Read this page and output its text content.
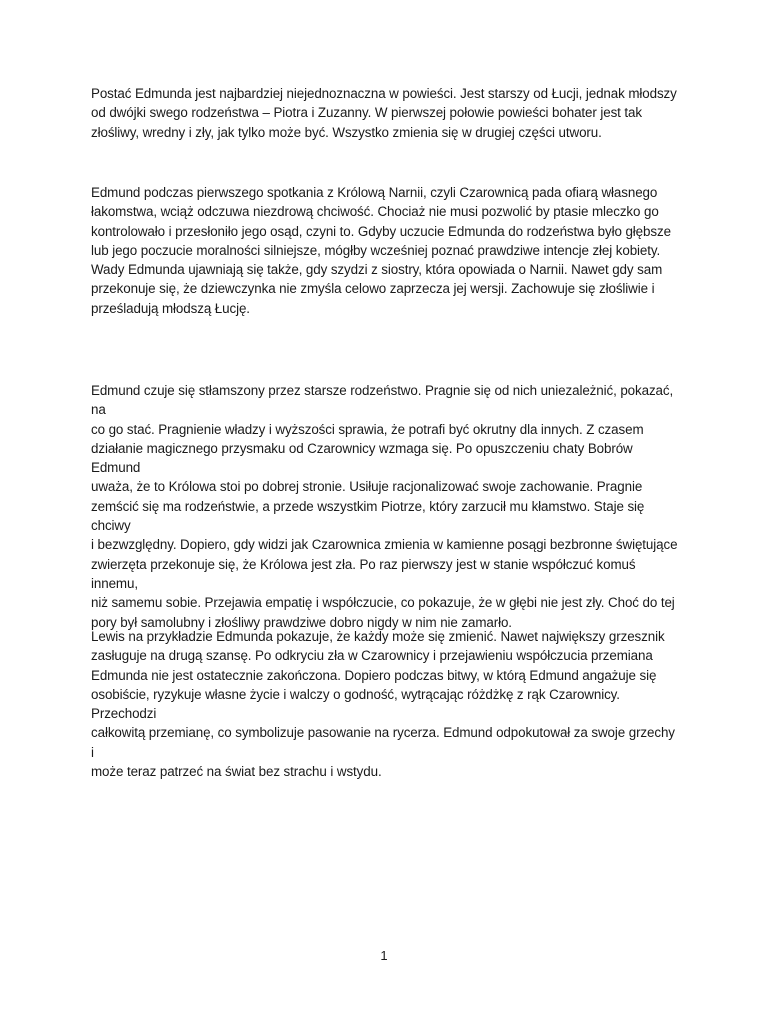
Postać Edmunda jest najbardziej niejednoznaczna w powieści. Jest starszy od Łucji, jednak młodszy
od dwójki swego rodzeństwa – Piotra i Zuzanny. W pierwszej połowie powieści bohater jest tak
złośliwy, wredny i zły, jak tylko może być. Wszystko zmienia się w drugiej części utworu.

Edmund podczas pierwszego spotkania z Królową Narnii, czyli Czarownicą pada ofiarą własnego
łakomstwa, wciąż odczuwa niezdrową chciwość. Chociaż nie musi pozwolić by ptasie mleczko go
kontrolowało i przesłoniło jego osąd, czyni to. Gdyby uczucie Edmunda do rodzeństwa było głębsze
lub jego poczucie moralności silniejsze, mógłby wcześniej poznać prawdziwe intencje złej kobiety.
Wady Edmunda ujawniają się także, gdy szydzi z siostry, która opowiada o Narnii. Nawet gdy sam
przekonuje się, że dziewczynka nie zmyśla celowo zaprzecza jej wersji. Zachowuje się złośliwie i
prześladują młodszą Łucję.

Edmund czuje się stłamszony przez starsze rodzeństwo. Pragnie się od nich uniezależnić, pokazać, na
co go stać. Pragnienie władzy i wyższości sprawia, że potrafi być okrutny dla innych. Z czasem
działanie magicznego przysmaku od Czarownicy wzmaga się. Po opuszczeniu chaty Bobrów Edmund
uważa, że to Królowa stoi po dobrej stronie. Usiłuje racjonalizować swoje zachowanie. Pragnie
zemścić się ma rodzeństwie, a przede wszystkim Piotrze, który zarzucił mu kłamstwo. Staje się chciwy
i bezwzględny. Dopiero, gdy widzi jak Czarownica zmienia w kamienne posągi bezbronne świętujące
zwierzęta przekonuje się, że Królowa jest zła. Po raz pierwszy jest w stanie współczuć komuś innemu,
niż samemu sobie. Przejawia empatię i współczucie, co pokazuje, że w głębi nie jest zły. Choć do tej
pory był samolubny i złośliwy prawdziwe dobro nigdy w nim nie zamarło.

Lewis na przykładzie Edmunda pokazuje, że każdy może się zmienić. Nawet największy grzesznik
zasługuje na drugą szansę. Po odkryciu zła w Czarownicy i przejawieniu współczucia przemiana
Edmunda nie jest ostatecznie zakończona. Dopiero podczas bitwy, w którą Edmund angażuje się
osobiście, ryzykuje własne życie i walczy o godność, wytrącając różdżkę z rąk Czarownicy. Przechodzi
całkowitą przemianę, co symbolizuje pasowanie na rycerza. Edmund odpokutował za swoje grzechy i
może teraz patrzeć na świat bez strachu i wstydu.

1
